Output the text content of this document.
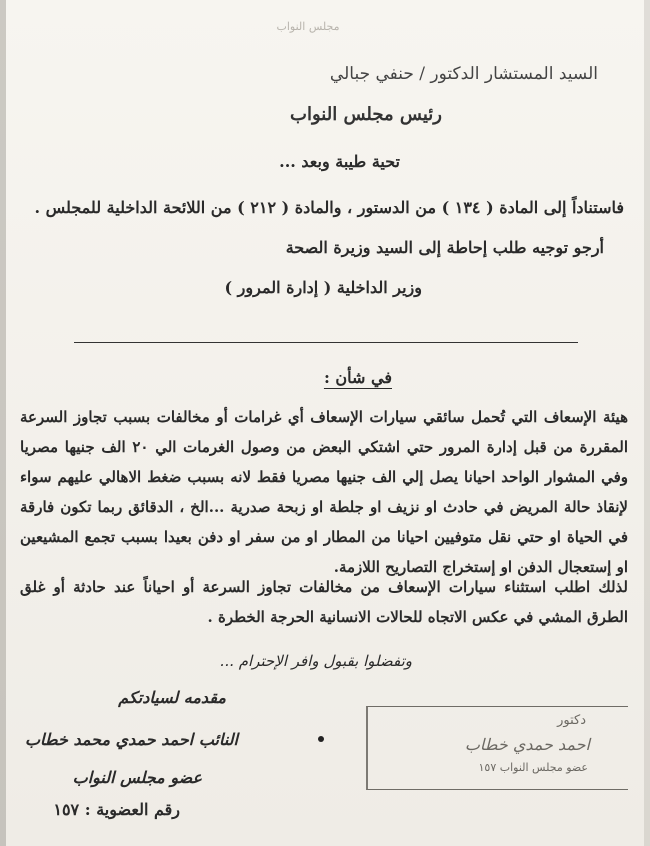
مجلس النواب
السيد المستشار الدكتور / حنفي جبالي
رئيس مجلس النواب
تحية طيبة وبعد ...
فاستناداً إلى المادة ( ١٣٤ ) من الدستور ، والمادة ( ٢١٢ ) من اللائحة الداخلية للمجلس .
أرجو توجيه طلب إحاطة إلى السيد وزيرة الصحة
وزير الداخلية ( إدارة المرور )
في شأن :
هيئة الإسعاف التي تُحمل سائقي سيارات الإسعاف أي غرامات أو مخالفات بسبب تجاوز السرعة المقررة من قبل إدارة المرور حتي اشتكي البعض من وصول الغرمات الي ٢٠ الف جنيها مصريا وفي المشوار الواحد احيانا يصل إلي الف جنيها مصريا فقط لانه بسبب ضغط الاهالي عليهم سواء لإنقاذ حالة المريض في حادث او نزيف او جلطة او زبحة صدرية ...الخ ، الدقائق ربما تكون فارقة في الحياة او حتي نقل متوفيين احيانا من المطار او من سفر او دفن بعيدا بسبب تجمع المشيعين او إستعجال الدفن او إستخراج التصاريح اللازمة.
لذلك اطلب استثناء سيارات الإسعاف من مخالفات تجاوز السرعة أو احياناً عند حادثة أو غلق الطرق المشي في عكس الاتجاه للحالات الانسانية الحرجة الخطرة .
وتفضلوا بقبول وافر الإحترام ...
مقدمه لسيادتكم
النائب احمد حمدي محمد خطاب
عضو مجلس النواب
رقم العضوية : ١٥٧
دكتور
احمد حمدي خطاب
عضو مجلس النواب ١٥٧
